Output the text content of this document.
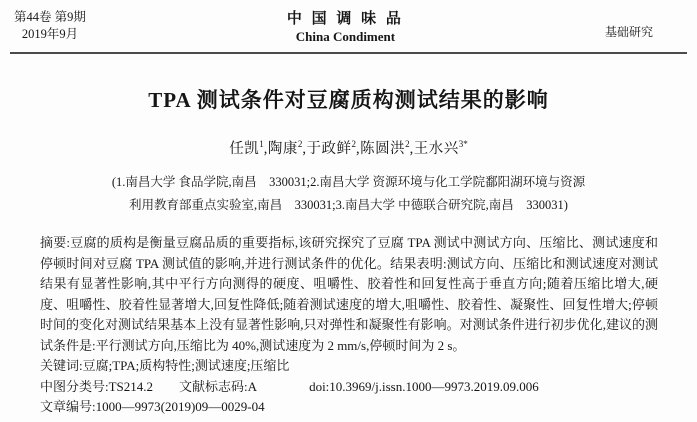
第44卷 第9期
2019年9月
中 国 调 味 品
China Condiment	基础研究
TPA 测试条件对豆腐质构测试结果的影响
任凯$^1$,陶康$^2$,于政鲜$^2$,陈圆洪$^2$,王水兴$^{3*}$
(1.南昌大学 食品学院,南昌　330031;2.南昌大学 资源环境与化工学院鄱阳湖环境与资源
利用教育部重点实验室,南昌　330031;3.南昌大学 中德联合研究院,南昌　330031)
摘要:豆腐的质构是衡量豆腐品质的重要指标,该研究探究了豆腐 TPA 测试中测试方向、压缩比、测试速度和停顿时间对豆腐 TPA 测试值的影响,并进行测试条件的优化。结果表明:测试方向、压缩比和测试速度对测试结果有显著性影响,其中平行方向测得的硬度、咀嚼性、胶着性和回复性高于垂直方向;随着压缩比增大,硬度、咀嚼性、胶着性显著增大,回复性降低;随着测试速度的增大,咀嚼性、胶着性、凝聚性、回复性增大;停顿时间的变化对测试结果基本上没有显著性影响,只对弹性和凝聚性有影响。对测试条件进行初步优化,建议的测试条件是:平行测试方向,压缩比为 40%,测试速度为 2 mm/s,停顿时间为 2 s。
关键词:豆腐;TPA;质构特性;测试速度;压缩比
中图分类号:TS214.2 文献标志码:A	doi:10.3969/j.issn.1000—9973.2019.09.006
文章编号:1000—9973(2019)09—0029-04
